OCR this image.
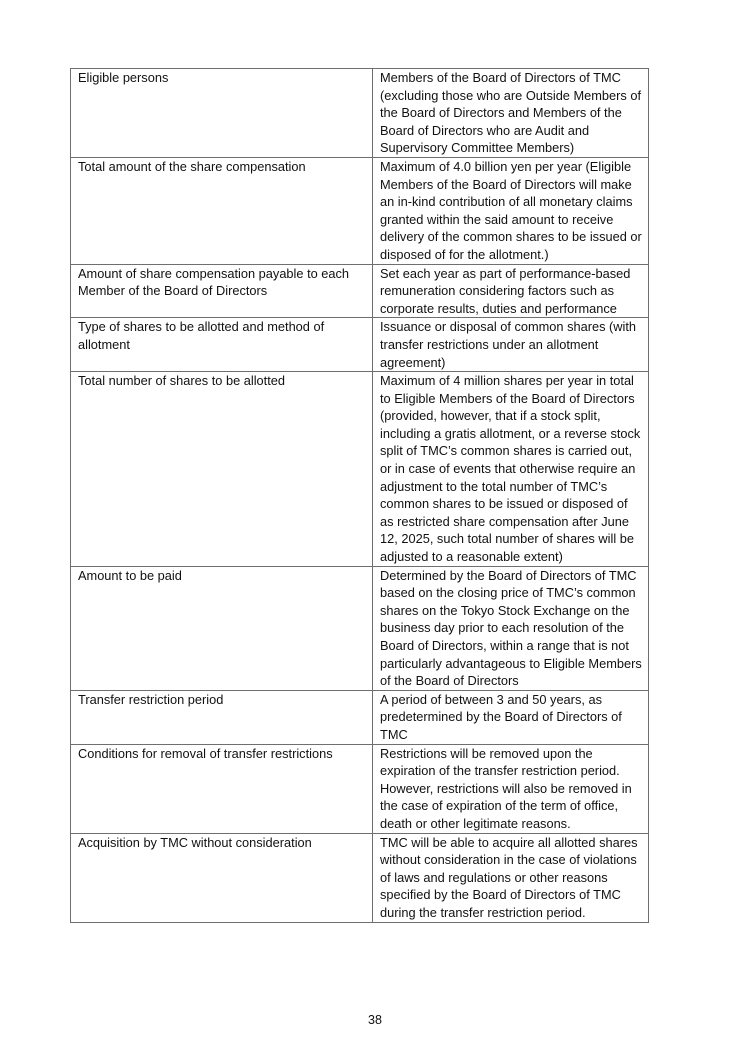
Eligible persons	Members of the Board of Directors of TMC (excluding those who are Outside Members of the Board of Directors and Members of the Board of Directors who are Audit and Supervisory Committee Members)
Total amount of the share compensation	Maximum of 4.0 billion yen per year (Eligible Members of the Board of Directors will make an in-kind contribution of all monetary claims granted within the said amount to receive delivery of the common shares to be issued or disposed of for the allotment.)
Amount of share compensation payable to each Member of the Board of Directors	Set each year as part of performance-based remuneration considering factors such as corporate results, duties and performance
Type of shares to be allotted and method of allotment	Issuance or disposal of common shares (with transfer restrictions under an allotment agreement)
Total number of shares to be allotted	Maximum of 4 million shares per year in total to Eligible Members of the Board of Directors (provided, however, that if a stock split, including a gratis allotment, or a reverse stock split of TMC’s common shares is carried out, or in case of events that otherwise require an adjustment to the total number of TMC’s common shares to be issued or disposed of as restricted share compensation after June 12, 2025, such total number of shares will be adjusted to a reasonable extent)
Amount to be paid	Determined by the Board of Directors of TMC based on the closing price of TMC’s common shares on the Tokyo Stock Exchange on the business day prior to each resolution of the Board of Directors, within a range that is not particularly advantageous to Eligible Members of the Board of Directors
Transfer restriction period	A period of between 3 and 50 years, as predetermined by the Board of Directors of TMC
Conditions for removal of transfer restrictions	Restrictions will be removed upon the expiration of the transfer restriction period. However, restrictions will also be removed in the case of expiration of the term of office, death or other legitimate reasons.
Acquisition by TMC without consideration	TMC will be able to acquire all allotted shares without consideration in the case of violations of laws and regulations or other reasons specified by the Board of Directors of TMC during the transfer restriction period.
38
